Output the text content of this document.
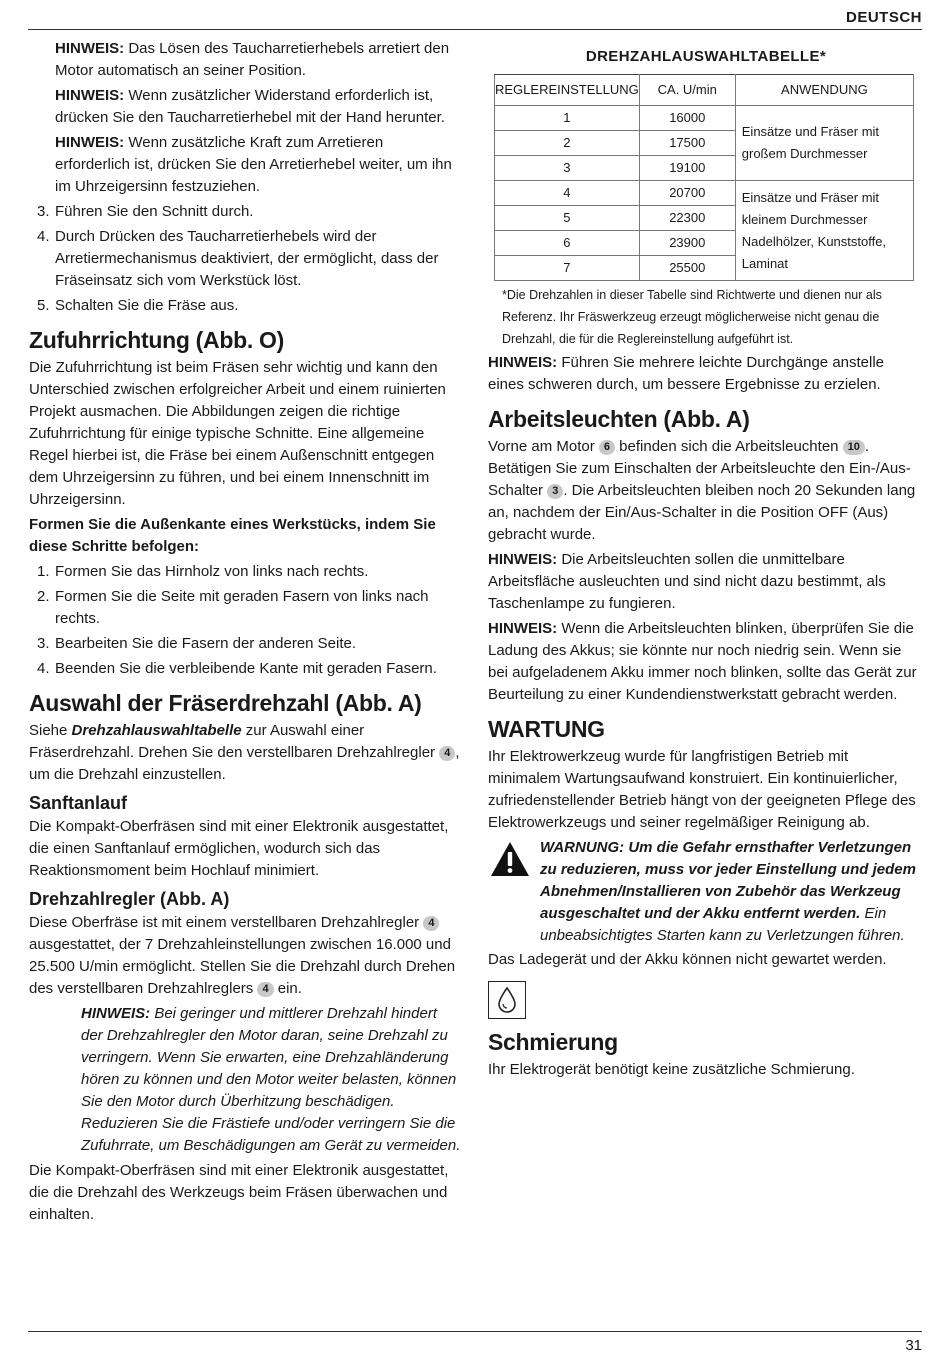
DEUTSCH

HINWEIS: Das Lösen des Taucharretierhebels arretiert den Motor automatisch an seiner Position.

HINWEIS: Wenn zusätzlicher Widerstand erforderlich ist, drücken Sie den Taucharretierhebel mit der Hand herunter.

HINWEIS: Wenn zusätzliche Kraft zum Arretieren erforderlich ist, drücken Sie den Arretierhebel weiter, um ihn im Uhrzeigersinn festzuziehen.

3. Führen Sie den Schnitt durch.
4. Durch Drücken des Taucharretierhebels wird der Arretiermechanismus deaktiviert, der ermöglicht, dass der Fräseinsatz sich vom Werkstück löst.
5. Schalten Sie die Fräse aus.
Zufuhrrichtung (Abb. O)

Die Zufuhrrichtung ist beim Fräsen sehr wichtig und kann den Unterschied zwischen erfolgreicher Arbeit und einem ruinierten Projekt ausmachen. Die Abbildungen zeigen die richtige Zufuhrrichtung für einige typische Schnitte. Eine allgemeine Regel hierbei ist, die Fräse bei einem Außenschnitt entgegen dem Uhrzeigersinn zu führen, und bei einem Innenschnitt im Uhrzeigersinn.

Formen Sie die Außenkante eines Werkstücks, indem Sie diese Schritte befolgen:

1. Formen Sie das Hirnholz von links nach rechts.
2. Formen Sie die Seite mit geraden Fasern von links nach rechts.
3. Bearbeiten Sie die Fasern der anderen Seite.
4. Beenden Sie die verbleibende Kante mit geraden Fasern.
Auswahl der Fräserdrehzahl (Abb. A)

Siehe Drehzahlauswahltabelle zur Auswahl einer Fräserdrehzahl. Drehen Sie den verstellbaren Drehzahlregler 4 , um die Drehzahl einzustellen.

Sanftanlauf

Die Kompakt-Oberfräsen sind mit einer Elektronik ausgestattet, die einen Sanftanlauf ermöglichen, wodurch sich das Reaktionsmoment beim Hochlauf minimiert.

Drehzahlregler (Abb. A)

Diese Oberfräse ist mit einem verstellbaren Drehzahlregler 4 ausgestattet, der 7 Drehzahleinstellungen zwischen 16.000 und 25.500 U/min ermöglicht. Stellen Sie die Drehzahl durch Drehen des verstellbaren Drehzahlreglers 4 ein.

HINWEIS: Bei geringer und mittlerer Drehzahl hindert der Drehzahlregler den Motor daran, seine Drehzahl zu verringern. Wenn Sie erwarten, eine Drehzahländerung hören zu können und den Motor weiter belasten, können Sie den Motor durch Überhitzung beschädigen. Reduzieren Sie die Frästiefe und/oder verringern Sie die Zufuhrrate, um Beschädigungen am Gerät zu vermeiden.

Die Kompakt-Oberfräsen sind mit einer Elektronik ausgestattet, die die Drehzahl des Werkzeugs beim Fräsen überwachen und einhalten.

DREHZAHLAUSWAHLTABELLE*
REGLEREINSTELLUNG	CA. U/min	ANWENDUNG
1	16000	Einsätze und Fräser mit großem Durchmesser
2	17500	
3	19100	
4	20700	Einsätze und Fräser mit kleinem Durchmesser Nadelhölzer, Kunststoffe, Laminat
5	22300	
6	23900	
7	25500	

*Die Drehzahlen in dieser Tabelle sind Richtwerte und dienen nur als Referenz. Ihr Fräswerkzeug erzeugt möglicherweise nicht genau die Drehzahl, die für die Reglereinstellung aufgeführt ist.

HINWEIS: Führen Sie mehrere leichte Durchgänge anstelle eines schweren durch, um bessere Ergebnisse zu erzielen.

Arbeitsleuchten (Abb. A)

Vorne am Motor 6 befinden sich die Arbeitsleuchten 10 . Betätigen Sie zum Einschalten der Arbeitsleuchte den Ein-/Aus-Schalter 3 . Die Arbeitsleuchten bleiben noch 20 Sekunden lang an, nachdem der Ein/Aus-Schalter in die Position OFF (Aus) gebracht wurde.

HINWEIS: Die Arbeitsleuchten sollen die unmittelbare Arbeitsfläche ausleuchten und sind nicht dazu bestimmt, als Taschenlampe zu fungieren.

HINWEIS: Wenn die Arbeitsleuchten blinken, überprüfen Sie die Ladung des Akkus; sie könnte nur noch niedrig sein. Wenn sie bei aufgeladenem Akku immer noch blinken, sollte das Gerät zur Beurteilung zu einer Kundendienstwerkstatt gebracht werden.

WARTUNG

Ihr Elektrowerkzeug wurde für langfristigen Betrieb mit minimalem Wartungsaufwand konstruiert. Ein kontinuierlicher, zufriedenstellender Betrieb hängt von der geeigneten Pflege des Elektrowerkzeugs und seiner regelmäßiger Reinigung ab.

WARNUNG: Um die Gefahr ernsthafter Verletzungen zu reduzieren, muss vor jeder Einstellung und jedem Abnehmen/Installieren von Zubehör das Werkzeug ausgeschaltet und der Akku entfernt werden. Ein unbeabsichtigtes Starten kann zu Verletzungen führen.

Das Ladegerät und der Akku können nicht gewartet werden.

Schmierung

Ihr Elektrogerät benötigt keine zusätzliche Schmierung.

31
